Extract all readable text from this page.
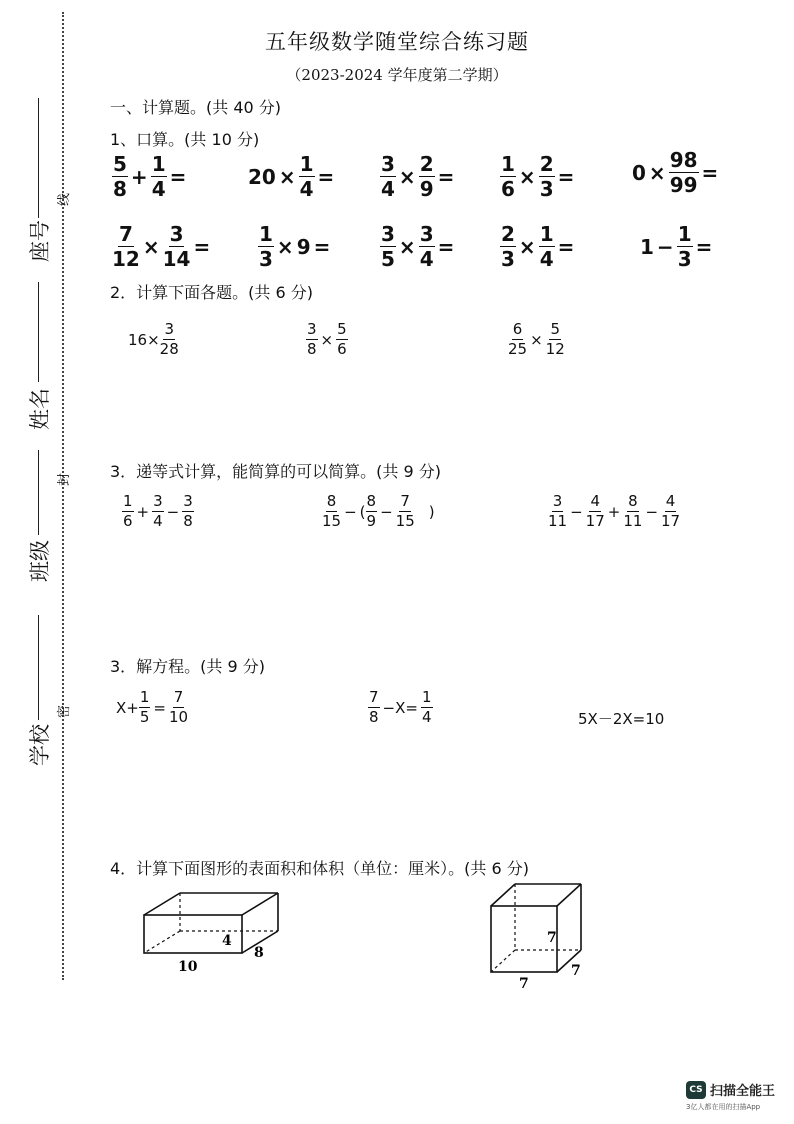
座号
线
姓名
封
班级
学校
密
五年级数学随堂综合练习题
（2023-2024 学年度第二学期）
一、计算题。(共 40 分)
1、口算。(共 10 分)
$\frac{5}{8} + \frac{1}{4}$ =	$20 \times \frac{1}{4} = \frac{3}{4} \times \frac{2}{9} = \frac{1}{6} \times \frac{2}{3}$ =	$0 \times \frac{98}{99}$ =
$\frac{7}{12} \times \frac{3}{14} = \frac{1}{3} \times 9 = \frac{3}{5} \times \frac{3}{4} = \frac{2}{3} \times \frac{1}{4}$ =	$1 - \frac{1}{3}$ =
2．计算下面各题。(共 6 分)
$16 \times \frac{3}{28}$	$\frac{3}{8} \times \frac{5}{6}$	$\frac{6}{25} \times \frac{5}{12}$
3．递等式计算，能简算的可以简算。(共 9 分)
$\frac{1}{6} + \frac{3}{4} - \frac{3}{8}$	$\frac{8}{15}$ − ( $\frac{8}{9} - \frac{7}{15}$ )	$\frac{3}{11} - \frac{4}{17} + \frac{8}{11} - \frac{4}{17}$
3．解方程。(共 9 分)
$X+ \frac{1}{5} = \frac{7}{10}$	$\frac{7}{8} -X= \frac{1}{4}$	5X－2X=10
4．计算下面图形的表面积和体积（单位：厘米）。(共 6 分)
4
8
10
7
7
7
CS 扫描全能王
3亿人都在用的扫描App
